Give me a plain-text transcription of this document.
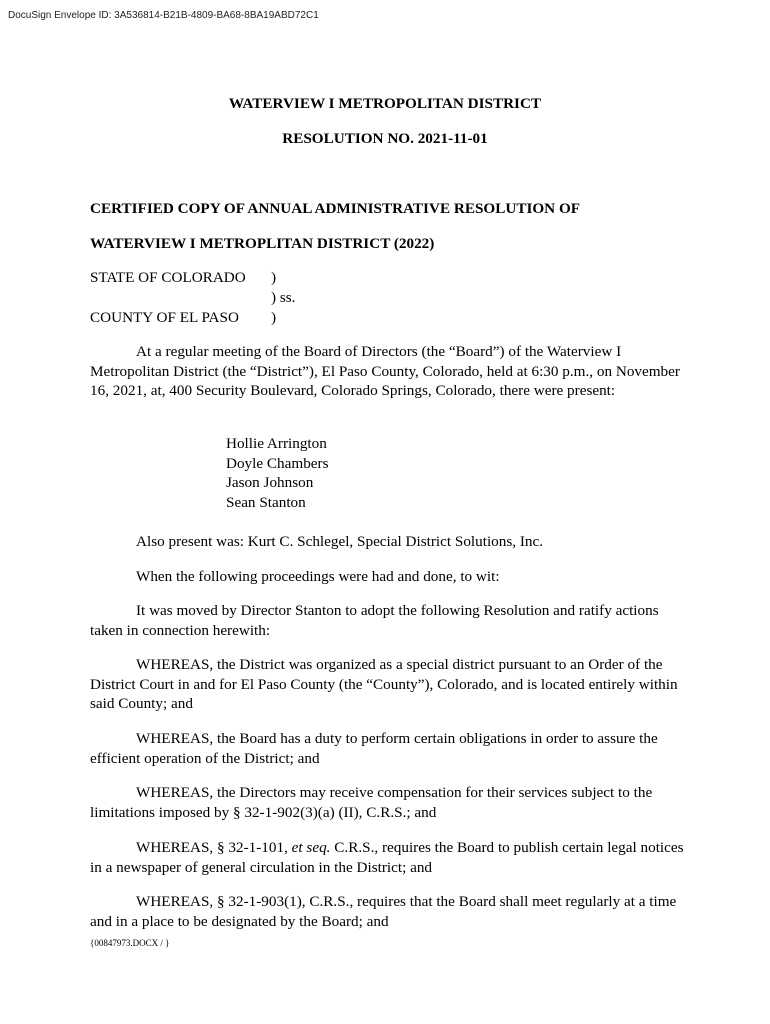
DocuSign Envelope ID: 3A536814-B21B-4809-BA68-8BA19ABD72C1
WATERVIEW I METROPOLITAN DISTRICT
RESOLUTION NO. 2021-11-01
CERTIFIED COPY OF ANNUAL ADMINISTRATIVE RESOLUTION OF
WATERVIEW I METROPLITAN DISTRICT (2022)
STATE OF COLORADO )
) ss.
COUNTY OF EL PASO )
At a regular meeting of the Board of Directors (the “Board”) of the Waterview I Metropolitan District (the “District”), El Paso County, Colorado, held at 6:30 p.m., on November 16, 2021, at, 400 Security Boulevard, Colorado Springs, Colorado, there were present:
Hollie Arrington
Doyle Chambers
Jason Johnson
Sean Stanton
Also present was: Kurt C. Schlegel, Special District Solutions, Inc.
When the following proceedings were had and done, to wit:
It was moved by Director Stanton to adopt the following Resolution and ratify actions taken in connection herewith:
WHEREAS, the District was organized as a special district pursuant to an Order of the District Court in and for El Paso County (the “County”), Colorado, and is located entirely within said County; and
WHEREAS, the Board has a duty to perform certain obligations in order to assure the efficient operation of the District; and
WHEREAS, the Directors may receive compensation for their services subject to the limitations imposed by § 32-1-902(3)(a) (II), C.R.S.; and
WHEREAS, § 32-1-101, et seq. C.R.S., requires the Board to publish certain legal notices in a newspaper of general circulation in the District; and
WHEREAS, § 32-1-903(1), C.R.S., requires that the Board shall meet regularly at a time and in a place to be designated by the Board; and
{00847973.DOCX / }
